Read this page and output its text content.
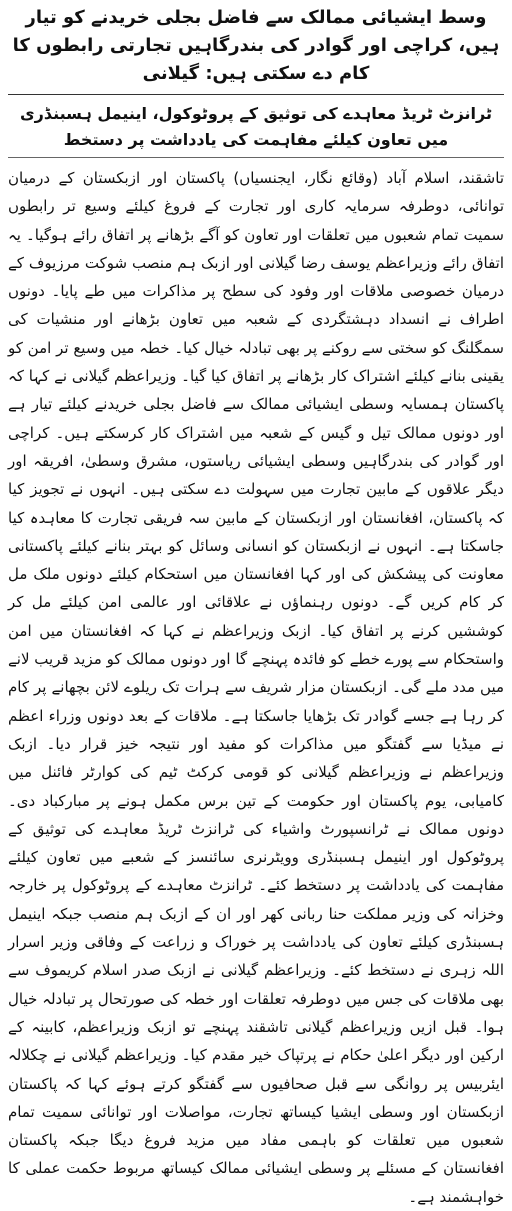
وسط ایشیائی ممالک سے فاضل بجلی خریدنے کو تیار ہیں، کراچی اور گوادر کی بندرگاہیں تجارتی رابطوں کا کام دے سکتی ہیں: گیلانی

ٹرانزٹ ٹریڈ معاہدے کی توثیق کے پروٹوکول، اینیمل ہسبنڈری میں تعاون کیلئے مفاہمت کی یادداشت پر دستخط

تاشقند، اسلام آباد (وقائع نگار، ایجنسیاں) پاکستان اور ازبکستان کے درمیان توانائی، دوطرفہ سرمایہ کاری اور تجارت کے فروغ کیلئے وسیع تر رابطوں سمیت تمام شعبوں میں تعلقات اور تعاون کو آگے بڑھانے پر اتفاق رائے ہوگیا۔ یہ اتفاق رائے وزیراعظم یوسف رضا گیلانی اور ازبک ہم منصب شوکت مرزیوف کے درمیان خصوصی ملاقات اور وفود کی سطح پر مذاکرات میں طے پایا۔ دونوں اطراف نے انسداد دہشتگردی کے شعبہ میں تعاون بڑھانے اور منشیات کی سمگلنگ کو سختی سے روکنے پر بھی تبادلہ خیال کیا۔ خطہ میں وسیع تر امن کو یقینی بنانے کیلئے اشتراک کار بڑھانے پر اتفاق کیا گیا۔ وزیراعظم گیلانی نے کہا کہ پاکستان ہمسایہ وسطی ایشیائی ممالک سے فاضل بجلی خریدنے کیلئے تیار ہے اور دونوں ممالک تیل و گیس کے شعبہ میں اشتراک کار کرسکتے ہیں۔ کراچی اور گوادر کی بندرگاہیں وسطی ایشیائی ریاستوں، مشرق وسطیٰ، افریقہ اور دیگر علاقوں کے مابین تجارت میں سہولت دے سکتی ہیں۔ انہوں نے تجویز کیا کہ پاکستان، افغانستان اور ازبکستان کے مابین سہ فریقی تجارت کا معاہدہ کیا جاسکتا ہے۔ انہوں نے ازبکستان کو انسانی وسائل کو بہتر بنانے کیلئے پاکستانی معاونت کی پیشکش کی اور کہا افغانستان میں استحکام کیلئے دونوں ملک مل کر کام کریں گے۔ دونوں رہنماؤں نے علاقائی اور عالمی امن کیلئے مل کر کوششیں کرنے پر اتفاق کیا۔ ازبک وزیراعظم نے کہا کہ افغانستان میں امن واستحکام سے پورے خطے کو فائدہ پہنچے گا اور دونوں ممالک کو مزید قریب لانے میں مدد ملے گی۔ ازبکستان مزار شریف سے ہرات تک ریلوے لائن بچھانے پر کام کر رہا ہے جسے گوادر تک بڑھایا جاسکتا ہے۔ ملاقات کے بعد دونوں وزراء اعظم نے میڈیا سے گفتگو میں مذاکرات کو مفید اور نتیجہ خیز قرار دیا۔ ازبک وزیراعظم نے وزیراعظم گیلانی کو قومی کرکٹ ٹیم کی کوارٹر فائنل میں کامیابی، یوم پاکستان اور حکومت کے تین برس مکمل ہونے پر مبارکباد دی۔ دونوں ممالک نے ٹرانسپورٹ واشیاء کی ٹرانزٹ ٹریڈ معاہدے کی توثیق کے پروٹوکول اور اینیمل ہسبنڈری وویٹرنری سائنسز کے شعبے میں تعاون کیلئے مفاہمت کی یادداشت پر دستخط کئے۔ ٹرانزٹ معاہدے کے پروٹوکول پر خارجہ وخزانہ کی وزیر مملکت حنا ربانی کھر اور ان کے ازبک ہم منصب جبکہ اینیمل ہسبنڈری کیلئے تعاون کی یادداشت پر خوراک و زراعت کے وفاقی وزیر اسرار اللہ زہری نے دستخط کئے۔ وزیراعظم گیلانی نے ازبک صدر اسلام کریموف سے بھی ملاقات کی جس میں دوطرفہ تعلقات اور خطہ کی صورتحال پر تبادلہ خیال ہوا۔ قبل ازیں وزیراعظم گیلانی تاشقند پہنچے تو ازبک وزیراعظم، کابینہ کے ارکین اور دیگر اعلیٰ حکام نے پرتپاک خیر مقدم کیا۔ وزیراعظم گیلانی نے چکلالہ ایئربیس پر روانگی سے قبل صحافیوں سے گفتگو کرتے ہوئے کہا کہ پاکستان ازبکستان اور وسطی ایشیا کیساتھ تجارت، مواصلات اور توانائی سمیت تمام شعبوں میں تعلقات کو باہمی مفاد میں مزید فروغ دیگا جبکہ پاکستان افغانستان کے مسئلے پر وسطی ایشیائی ممالک کیساتھ مربوط حکمت عملی کا خواہشمند ہے۔
